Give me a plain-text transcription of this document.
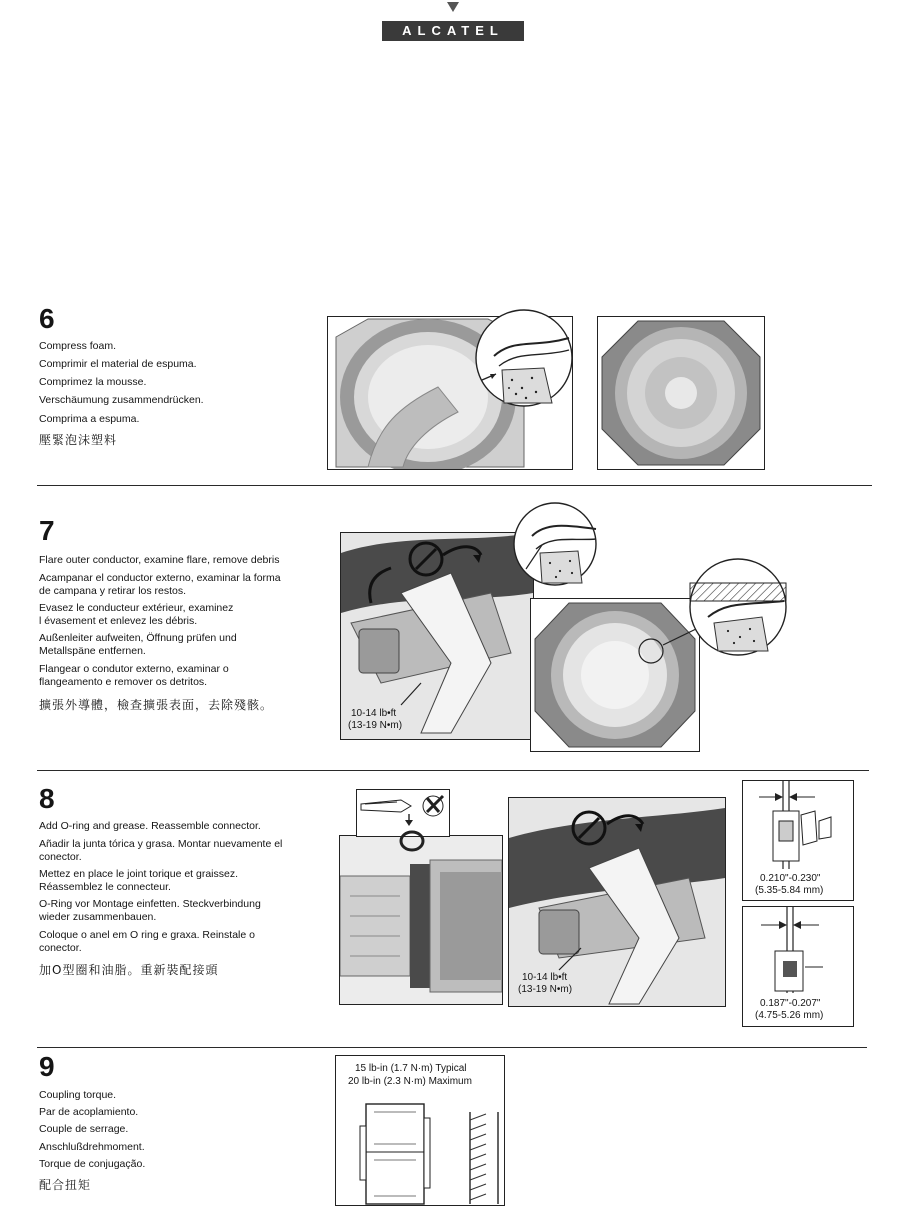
ALCATEL
6
Compress foam.
Comprimir el material de espuma.
Comprimez la mousse.
Verschäumung zusammendrücken.
Comprima a espuma.
壓緊泡沫塑料
7
Flare outer conductor, examine flare, remove debris
Acampanar el conductor externo, examinar la forma
de campana y retirar los restos.
Evasez le conducteur extérieur, examinez
l évasement et enlevez les débris.
Außenleiter aufweiten, Öffnung prüfen und
Metallspäne entfernen.
Flangear o condutor externo, examinar o
flangeamento e remover os detritos.
擴張外導體，檢查擴張表面，去除殘骸。
10-14 lb•ft
(13-19 N•m)
8
Add O-ring and grease. Reassemble connector.
Añadir la junta tórica y grasa. Montar nuevamente el
conector.
Mettez en place le joint torique et graissez.
Réassemblez le connecteur.
O-Ring vor Montage einfetten. Steckverbindung
wieder zusammenbauen.
Coloque o anel em O ring e graxa. Reinstale o
conector.
加O型圈和油脂。重新裝配接頭
10-14 lb•ft
(13-19 N•m)
0.210"-0.230"
(5.35-5.84 mm)
0.187"-0.207"
(4.75-5.26 mm)
9
Coupling torque.
Par de acoplamiento.
Couple de serrage.
Anschlußdrehmoment.
Torque de conjugação.
配合扭矩
15 lb-in (1.7 N·m) Typical
20 lb-in (2.3 N·m) Maximum
